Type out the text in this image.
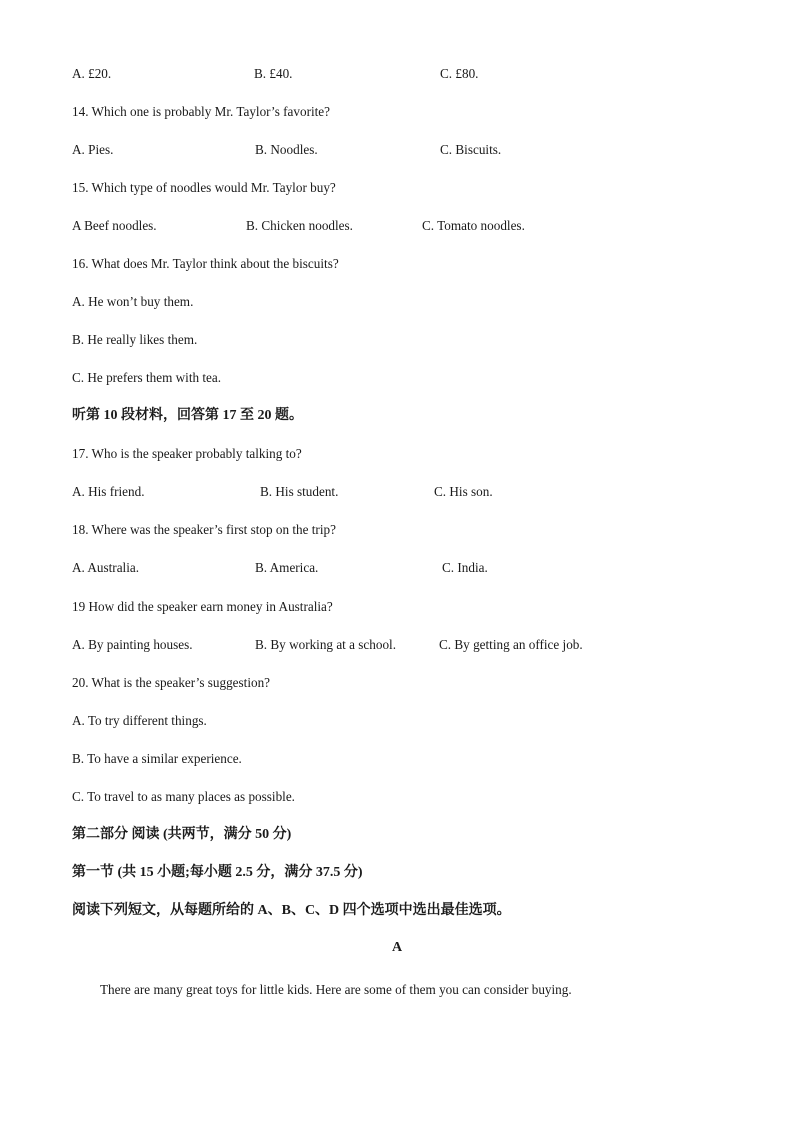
A. £20.	B. £40.	C. £80.
14. Which one is probably Mr. Taylor’s favorite?
A. Pies.	B. Noodles.	C. Biscuits.
15. Which type of noodles would Mr. Taylor buy?
A Beef noodles.	B. Chicken noodles.	C. Tomato noodles.
16. What does Mr. Taylor think about the biscuits?
A. He won’t buy them.
B. He really likes them.
C. He prefers them with tea.
听第 10 段材料，回答第 17 至 20 题。
17. Who is the speaker probably talking to?
A. His friend.	B. His student.	C. His son.
18. Where was the speaker’s first stop on the trip?
A. Australia.	B. America.	C. India.
19 How did the speaker earn money in Australia?
A. By painting houses.	B. By working at a school.	C. By getting an office job.
20. What is the speaker’s suggestion?
A. To try different things.
B. To have a similar experience.
C. To travel to as many places as possible.
第二部分 阅读 (共两节，满分 50 分)
第一节 (共 15 小题;每小题 2.5 分，满分 37.5 分)
阅读下列短文，从每题所给的 A、B、C、D 四个选项中选出最佳选项。
A
There are many great toys for little kids. Here are some of them you can consider buying.
